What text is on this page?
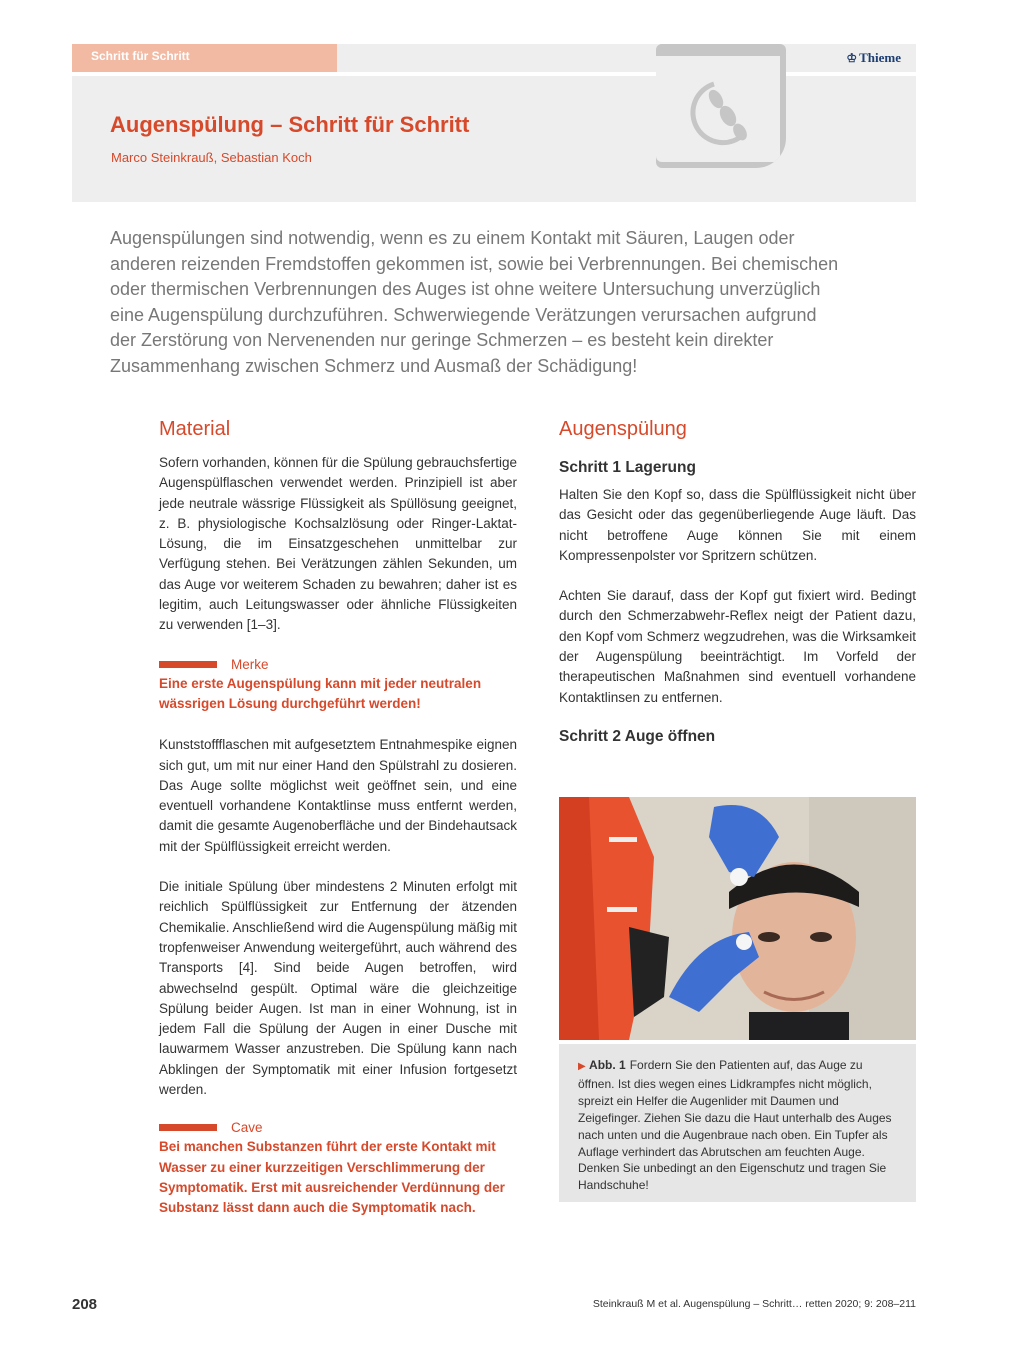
Schritt für Schritt	♔ Thieme
Augenspülung – Schritt für Schritt
Marco Steinkrauß, Sebastian Koch

Augenspülungen sind notwendig, wenn es zu einem Kontakt mit Säuren, Laugen oder anderen reizenden Fremdstoffen gekommen ist, sowie bei Verbrennungen. Bei chemischen oder thermischen Verbrennungen des Auges ist ohne weitere Untersuchung unverzüglich eine Augenspülung durchzuführen. Schwerwiegende Verätzungen verursachen aufgrund der Zerstörung von Nervenenden nur geringe Schmerzen – es besteht kein direkter Zusammenhang zwischen Schmerz und Ausmaß der Schädigung!

Material

Sofern vorhanden, können für die Spülung gebrauchsfertige Augenspülflaschen verwendet werden. Prinzipiell ist aber jede neutrale wässrige Flüssigkeit als Spüllösung geeignet, z. B. physiologische Kochsalzlösung oder Ringer-Laktat-Lösung, die im Einsatzgeschehen unmittelbar zur Verfügung stehen. Bei Verätzungen zählen Sekunden, um das Auge vor weiterem Schaden zu bewahren; daher ist es legitim, auch Leitungswasser oder ähnliche Flüssigkeiten zu verwenden [1–3].

Merke

Eine erste Augenspülung kann mit jeder neutralen wässrigen Lösung durchgeführt werden!

Kunststoffflaschen mit aufgesetztem Entnahmespike eignen sich gut, um mit nur einer Hand den Spülstrahl zu dosieren. Das Auge sollte möglichst weit geöffnet sein, und eine eventuell vorhandene Kontaktlinse muss entfernt werden, damit die gesamte Augenoberfläche und der Bindehautsack mit der Spülflüssigkeit erreicht werden.

Die initiale Spülung über mindestens 2 Minuten erfolgt mit reichlich Spülflüssigkeit zur Entfernung der ätzenden Chemikalie. Anschließend wird die Augenspülung mäßig mit tropfenweiser Anwendung weitergeführt, auch während des Transports [4]. Sind beide Augen betroffen, wird abwechselnd gespült. Optimal wäre die gleichzeitige Spülung beider Augen. Ist man in einer Wohnung, ist in jedem Fall die Spülung der Augen in einer Dusche mit lauwarmem Wasser anzustreben. Die Spülung kann nach Abklingen der Symptomatik mit einer Infusion fortgesetzt werden.

Cave

Bei manchen Substanzen führt der erste Kontakt mit Wasser zu einer kurzzeitigen Verschlimmerung der Symptomatik. Erst mit ausreichender Verdünnung der Substanz lässt dann auch die Symptomatik nach.

Augenspülung
Schritt 1 Lagerung

Halten Sie den Kopf so, dass die Spülflüssigkeit nicht über das Gesicht oder das gegenüberliegende Auge läuft. Das nicht betroffene Auge können Sie mit einem Kompressenpolster vor Spritzern schützen.

Achten Sie darauf, dass der Kopf gut fixiert wird. Bedingt durch den Schmerzabwehr-Reflex neigt der Patient dazu, den Kopf vom Schmerz wegzudrehen, was die Wirksamkeit der Augenspülung beeinträchtigt. Im Vorfeld der therapeutischen Maßnahmen sind eventuell vorhandene Kontaktlinsen zu entfernen.

Schritt 2 Auge öffnen
▶ Abb. 1 Fordern Sie den Patienten auf, das Auge zu öffnen. Ist dies wegen eines Lidkrampfes nicht möglich, spreizt ein Helfer die Augenlider mit Daumen und Zeigefinger. Ziehen Sie dazu die Haut unterhalb des Auges nach unten und die Augenbraue nach oben. Ein Tupfer als Auflage verhindert das Abrutschen am feuchten Auge. Denken Sie unbedingt an den Eigenschutz und tragen Sie Handschuhe!
208	Steinkrauß M et al. Augenspülung – Schritt… retten 2020; 9: 208–211
